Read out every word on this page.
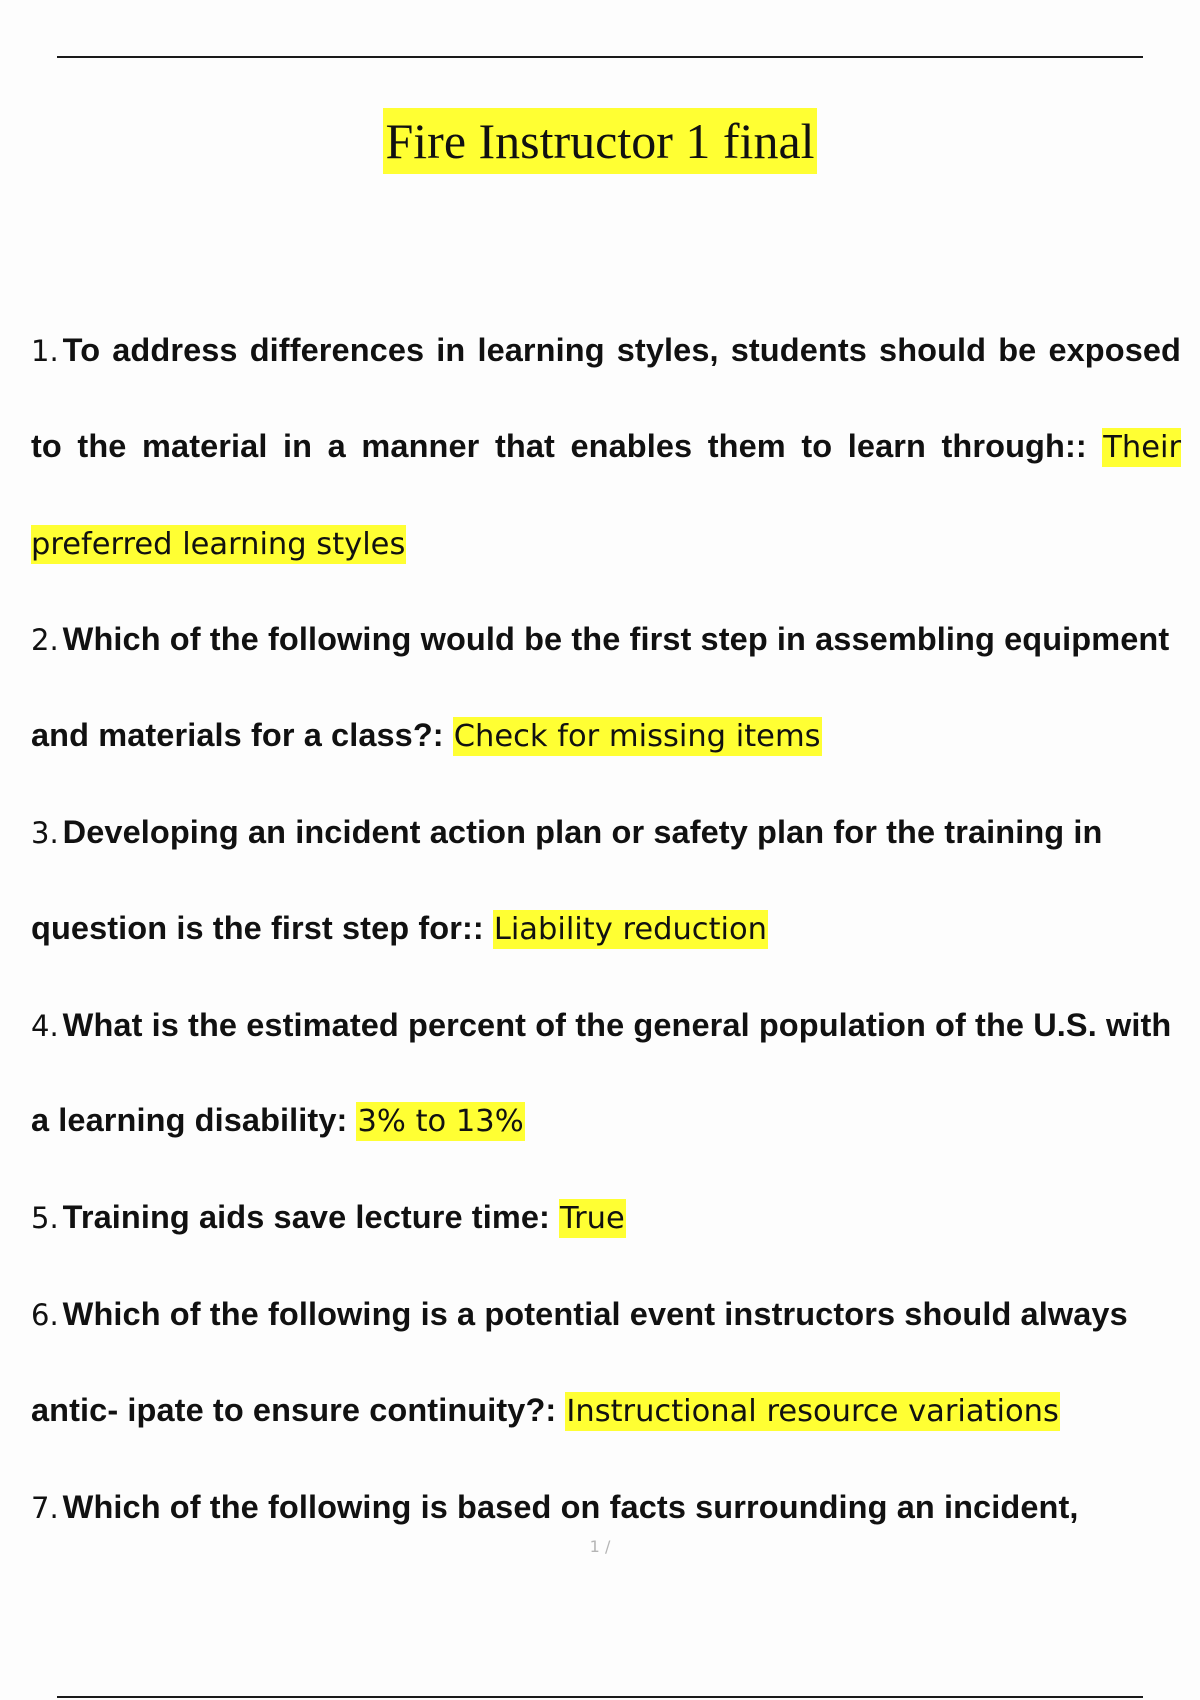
Fire Instructor 1 final
1. To address differences in learning styles, students should be exposed to the material in a manner that enables them to learn through:: Their preferred learning styles
2. Which of the following would be the first step in assembling equipment and materials for a class?: Check for missing items
3. Developing an incident action plan or safety plan for the training in question is the first step for:: Liability reduction
4. What is the estimated percent of the general population of the U.S. with a learning disability: 3% to 13%
5. Training aids save lecture time: True
6. Which of the following is a potential event instructors should always antic- ipate to ensure continuity?: Instructional resource variations
7. Which of the following is based on facts surrounding an incident,
1 /
